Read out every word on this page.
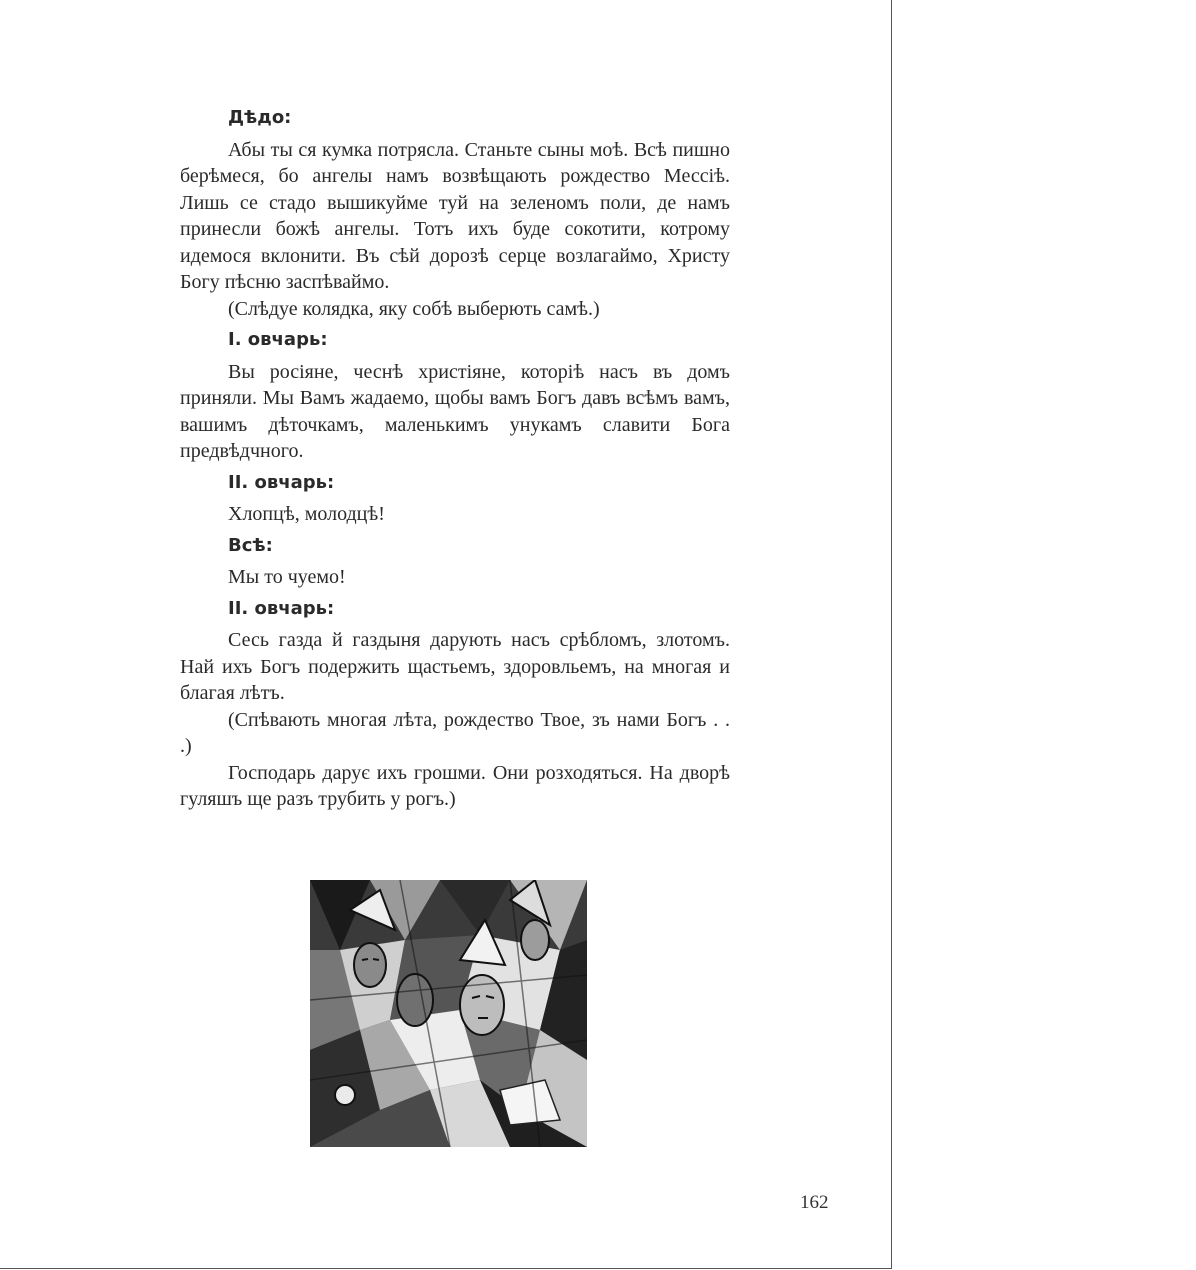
Дѣдо:

Абы ты ся кумка потрясла. Станьте сыны моѣ. Всѣ пишно берѣмеся, бо ангелы намъ возвѣщають рождество Мессіѣ. Лишь се стадо вышикуйме туй на зеленомъ поли, де намъ принесли божѣ ангелы. Тотъ ихъ буде сокотити, котрому идемося вклонити. Въ сѣй дорозѣ серце возлагаймо, Христу Богу пѣсню заспѣваймо.

(Слѣдуе колядка, яку собѣ выберють самѣ.)

І. овчарь:

Вы росіяне, чеснѣ христіяне, которіѣ насъ въ домъ приняли. Мы Вамъ жадаемо, щобы вамъ Богъ давъ всѣмъ вамъ, вашимъ дѣточкамъ, маленькимъ унукамъ славити Бога предвѣдчного.

ІІ. овчарь:

Хлопцѣ, молодцѣ!

Всѣ:

Мы то чуемо!

ІІ. овчарь:

Сесь газда й газдыня дарують насъ срѣбломъ, злотомъ. Най ихъ Богъ подержить щастьемъ, здоровльемъ, на многая и благая лѣтъ.

(Спѣвають многая лѣта, рождество Твое, зъ нами Богъ . . .)

Господарь дарує ихъ грошми. Они розходяться. На дворѣ гуляшъ ще разъ трубить у рогъ.)

162
